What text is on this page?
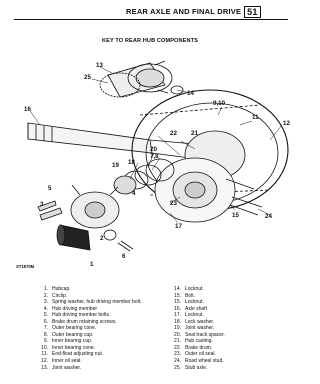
REAR AXLE AND FINAL DRIVE 51
KEY TO REAR HUB COMPONENTS
13
25
14
16
9,10
22 21
11
12
20
7,8
18
19
5
3
2
23
17
15
4
24
6
1
ST1870M
1. Hubcap.
2. Circlip.
3. Spring washer, hub driving member bolt.
4. Hub driving member
5. Hub driving member bolts.
6. Brake drum retaining screws.
7. Outer bearing cone.
8. Outer bearing cup.
9. Inner bearing cup.
10. Inner bearing cone.
11. End-float adjusting nut.
12. Inner oil seal.
13. Joint washer.
14. Locknut.
15. Bolt.
15. Locknut.
16. Axle shaft
17. Locknut.
18. Lock washer.
19. Joint washer.
20. Seal track spacer.
21. Hub casting.
22. Brake drum.
23. Outer oil seal.
24. Road wheel stud.
25. Stub axle.
